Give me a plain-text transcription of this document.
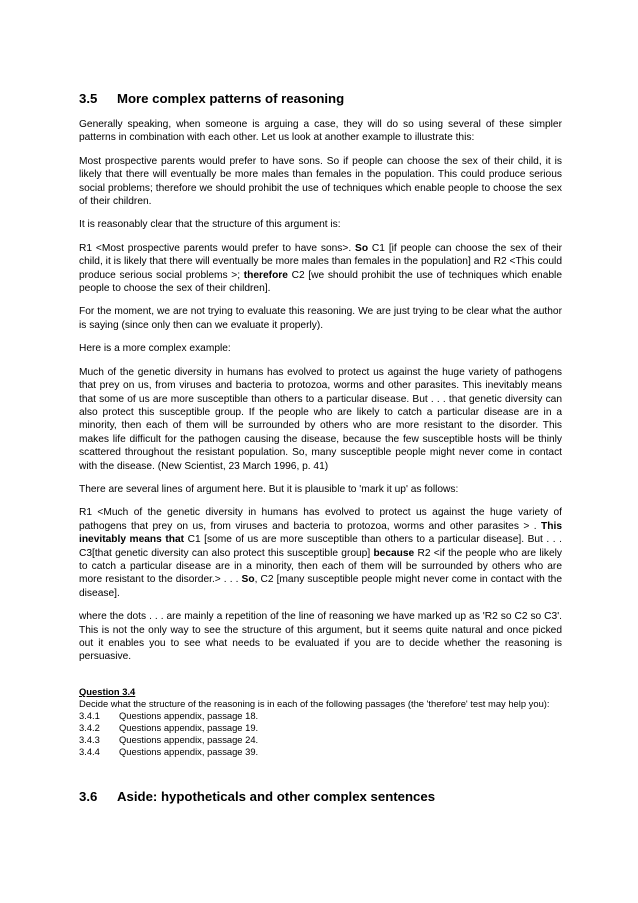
3.5	More complex patterns of reasoning

Generally speaking, when someone is arguing a case, they will do so using several of these simpler patterns in combination with each other. Let us look at another example to illustrate this:

Most prospective parents would prefer to have sons. So if people can choose the sex of their child, it is likely that there will eventually be more males than females in the population. This could produce serious social problems; therefore we should prohibit the use of techniques which enable people to choose the sex of their children.

It is reasonably clear that the structure of this argument is:

R1 <Most prospective parents would prefer to have sons>. So C1 [if people can choose the sex of their child, it is likely that there will eventually be more males than females in the population] and R2 <This could produce serious social problems >; therefore C2 [we should prohibit the use of techniques which enable people to choose the sex of their children].

For the moment, we are not trying to evaluate this reasoning. We are just trying to be clear what the author is saying (since only then can we evaluate it properly).

Here is a more complex example:

Much of the genetic diversity in humans has evolved to protect us against the huge variety of pathogens that prey on us, from viruses and bacteria to protozoa, worms and other parasites. This inevitably means that some of us are more susceptible than others to a particular disease. But . . . that genetic diversity can also protect this susceptible group. If the people who are likely to catch a particular disease are in a minority, then each of them will be surrounded by others who are more resistant to the disorder. This makes life difficult for the pathogen causing the disease, because the few susceptible hosts will be thinly scattered throughout the resistant population. So, many susceptible people might never come in contact with the disease. (New Scientist, 23 March 1996, p. 41)

There are several lines of argument here. But it is plausible to 'mark it up' as follows:

R1 <Much of the genetic diversity in humans has evolved to protect us against the huge variety of pathogens that prey on us, from viruses and bacteria to protozoa, worms and other parasites > . This inevitably means that C1 [some of us are more susceptible than others to a particular disease]. But . . . C3[that genetic diversity can also protect this susceptible group] because R2 <if the people who are likely to catch a particular disease are in a minority, then each of them will be surrounded by others who are more resistant to the disorder.> . . . So, C2 [many susceptible people might never come in contact with the disease].

where the dots . . . are mainly a repetition of the line of reasoning we have marked up as 'R2 so C2 so C3'. This is not the only way to see the structure of this argument, but it seems quite natural and once picked out it enables you to see what needs to be evaluated if you are to decide whether the reasoning is persuasive.

Question 3.4

Decide what the structure of the reasoning is in each of the following passages (the 'therefore' test may help you):

3.4.1	Questions appendix, passage 18.
3.4.2	Questions appendix, passage 19.
3.4.3	Questions appendix, passage 24.
3.4.4	Questions appendix, passage 39.
3.6	Aside: hypotheticals and other complex sentences
